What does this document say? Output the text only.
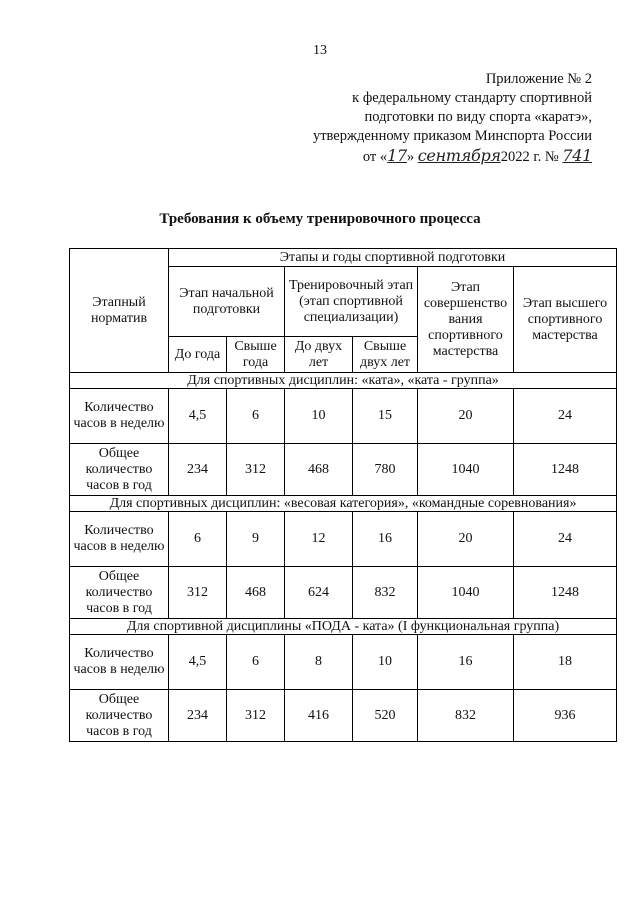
13
Приложение № 2
к федеральному стандарту спортивной
подготовки по виду спорта «каратэ»,
утвержденному приказом Минспорта России
от «17» сентября2022 г. № 741
Требования к объему тренировочного процесса
Этапный норматив	Этапы и годы спортивной подготовки					
	Этап начальной подготовки		Тренировочный этап (этап спортивной специализации)		Этап совершенство вания спортивного мастерства	Этап высшего спортивного мастерства
	До года	Свыше года	До двух лет	Свыше двух лет		
Для спортивных дисциплин: «ката», «ката - группа»						
Количество часов в неделю	4,5	6	10	15	20	24
Общее количество часов в год	234	312	468	780	1040	1248
Для спортивных дисциплин: «весовая категория», «командные соревнования»						
Количество часов в неделю	6	9	12	16	20	24
Общее количество часов в год	312	468	624	832	1040	1248
Для спортивной дисциплины «ПОДА - ката» (I функциональная группа)						
Количество часов в неделю	4,5	6	8	10	16	18
Общее количество часов в год	234	312	416	520	832	936
